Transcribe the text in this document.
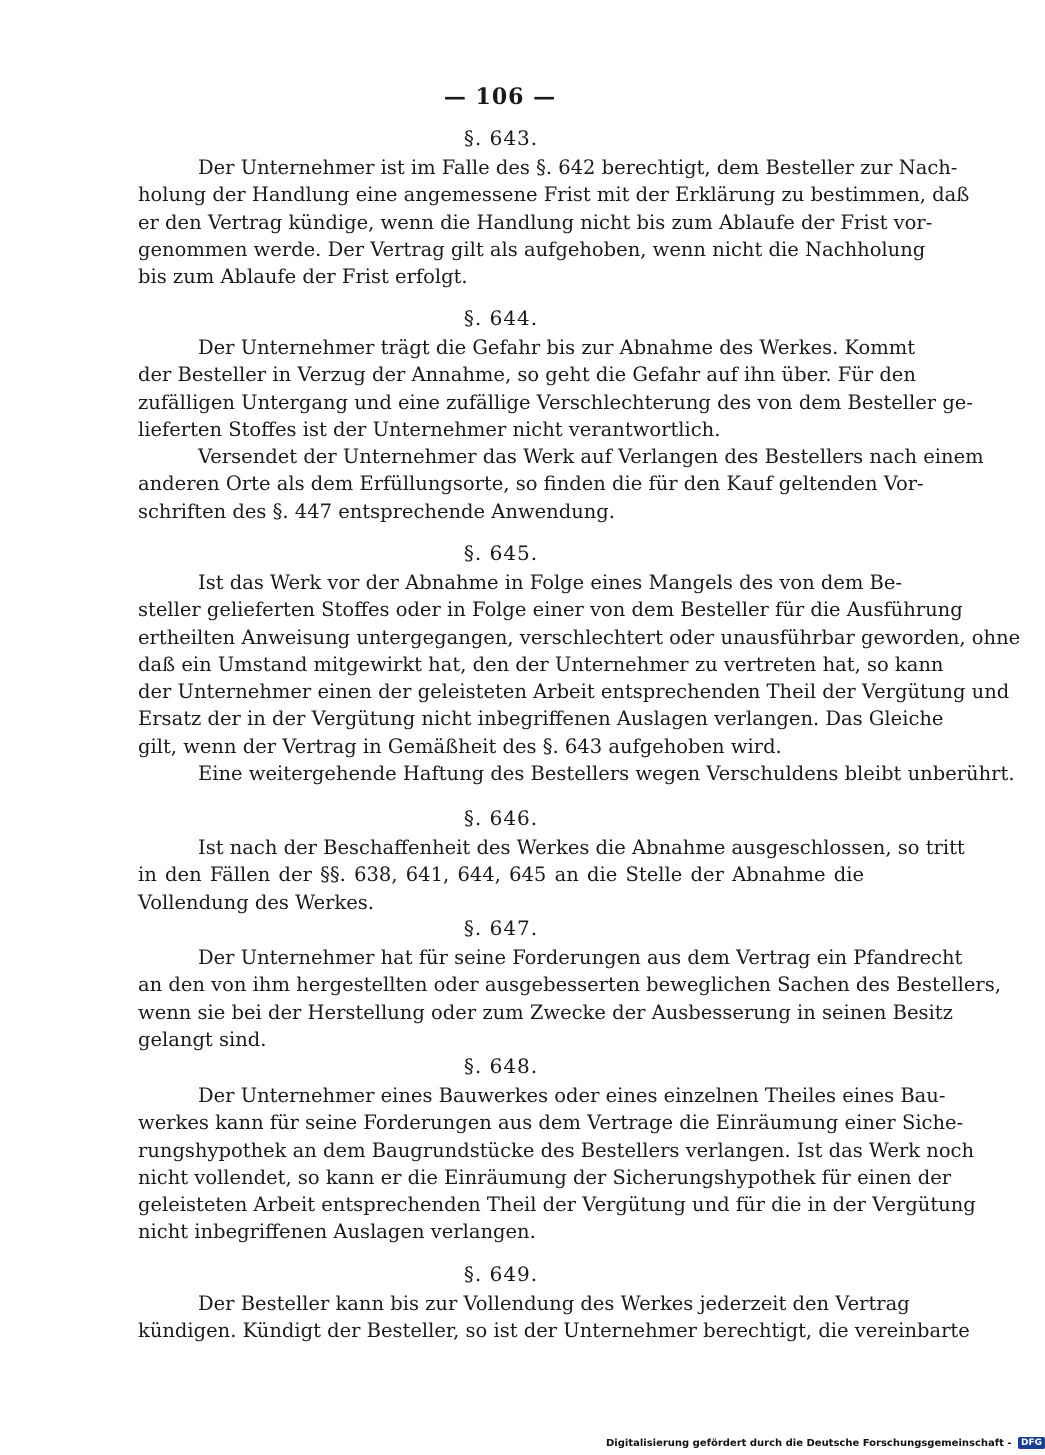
— 106 —
§. 643.
Der Unternehmer ist im Falle des §. 642 berechtigt, dem Besteller zur Nach-
holung der Handlung eine angemessene Frist mit der Erklärung zu bestimmen, daß
er den Vertrag kündige, wenn die Handlung nicht bis zum Ablaufe der Frist vor-
genommen werde. Der Vertrag gilt als aufgehoben, wenn nicht die Nachholung
bis zum Ablaufe der Frist erfolgt.
§. 644.
Der Unternehmer trägt die Gefahr bis zur Abnahme des Werkes. Kommt
der Besteller in Verzug der Annahme, so geht die Gefahr auf ihn über. Für den
zufälligen Untergang und eine zufällige Verschlechterung des von dem Besteller ge-
lieferten Stoffes ist der Unternehmer nicht verantwortlich.
Versendet der Unternehmer das Werk auf Verlangen des Bestellers nach einem
anderen Orte als dem Erfüllungsorte, so finden die für den Kauf geltenden Vor-
schriften des §. 447 entsprechende Anwendung.
§. 645.
Ist das Werk vor der Abnahme in Folge eines Mangels des von dem Be-
steller gelieferten Stoffes oder in Folge einer von dem Besteller für die Ausführung
ertheilten Anweisung untergegangen, verschlechtert oder unausführbar geworden, ohne
daß ein Umstand mitgewirkt hat, den der Unternehmer zu vertreten hat, so kann
der Unternehmer einen der geleisteten Arbeit entsprechenden Theil der Vergütung und
Ersatz der in der Vergütung nicht inbegriffenen Auslagen verlangen. Das Gleiche
gilt, wenn der Vertrag in Gemäßheit des §. 643 aufgehoben wird.
Eine weitergehende Haftung des Bestellers wegen Verschuldens bleibt unberührt.
§. 646.
Ist nach der Beschaffenheit des Werkes die Abnahme ausgeschlossen, so tritt
in den Fällen der §§. 638, 641, 644, 645 an die Stelle der Abnahme die
Vollendung des Werkes.
§. 647.
Der Unternehmer hat für seine Forderungen aus dem Vertrag ein Pfandrecht
an den von ihm hergestellten oder ausgebesserten beweglichen Sachen des Bestellers,
wenn sie bei der Herstellung oder zum Zwecke der Ausbesserung in seinen Besitz
gelangt sind.
§. 648.
Der Unternehmer eines Bauwerkes oder eines einzelnen Theiles eines Bau-
werkes kann für seine Forderungen aus dem Vertrage die Einräumung einer Siche-
rungshypothek an dem Baugrundstücke des Bestellers verlangen. Ist das Werk noch
nicht vollendet, so kann er die Einräumung der Sicherungshypothek für einen der
geleisteten Arbeit entsprechenden Theil der Vergütung und für die in der Vergütung
nicht inbegriffenen Auslagen verlangen.
§. 649.
Der Besteller kann bis zur Vollendung des Werkes jederzeit den Vertrag
kündigen. Kündigt der Besteller, so ist der Unternehmer berechtigt, die vereinbarte
Digitalisierung gefördert durch die Deutsche Forschungsgemeinschaft - DFG
